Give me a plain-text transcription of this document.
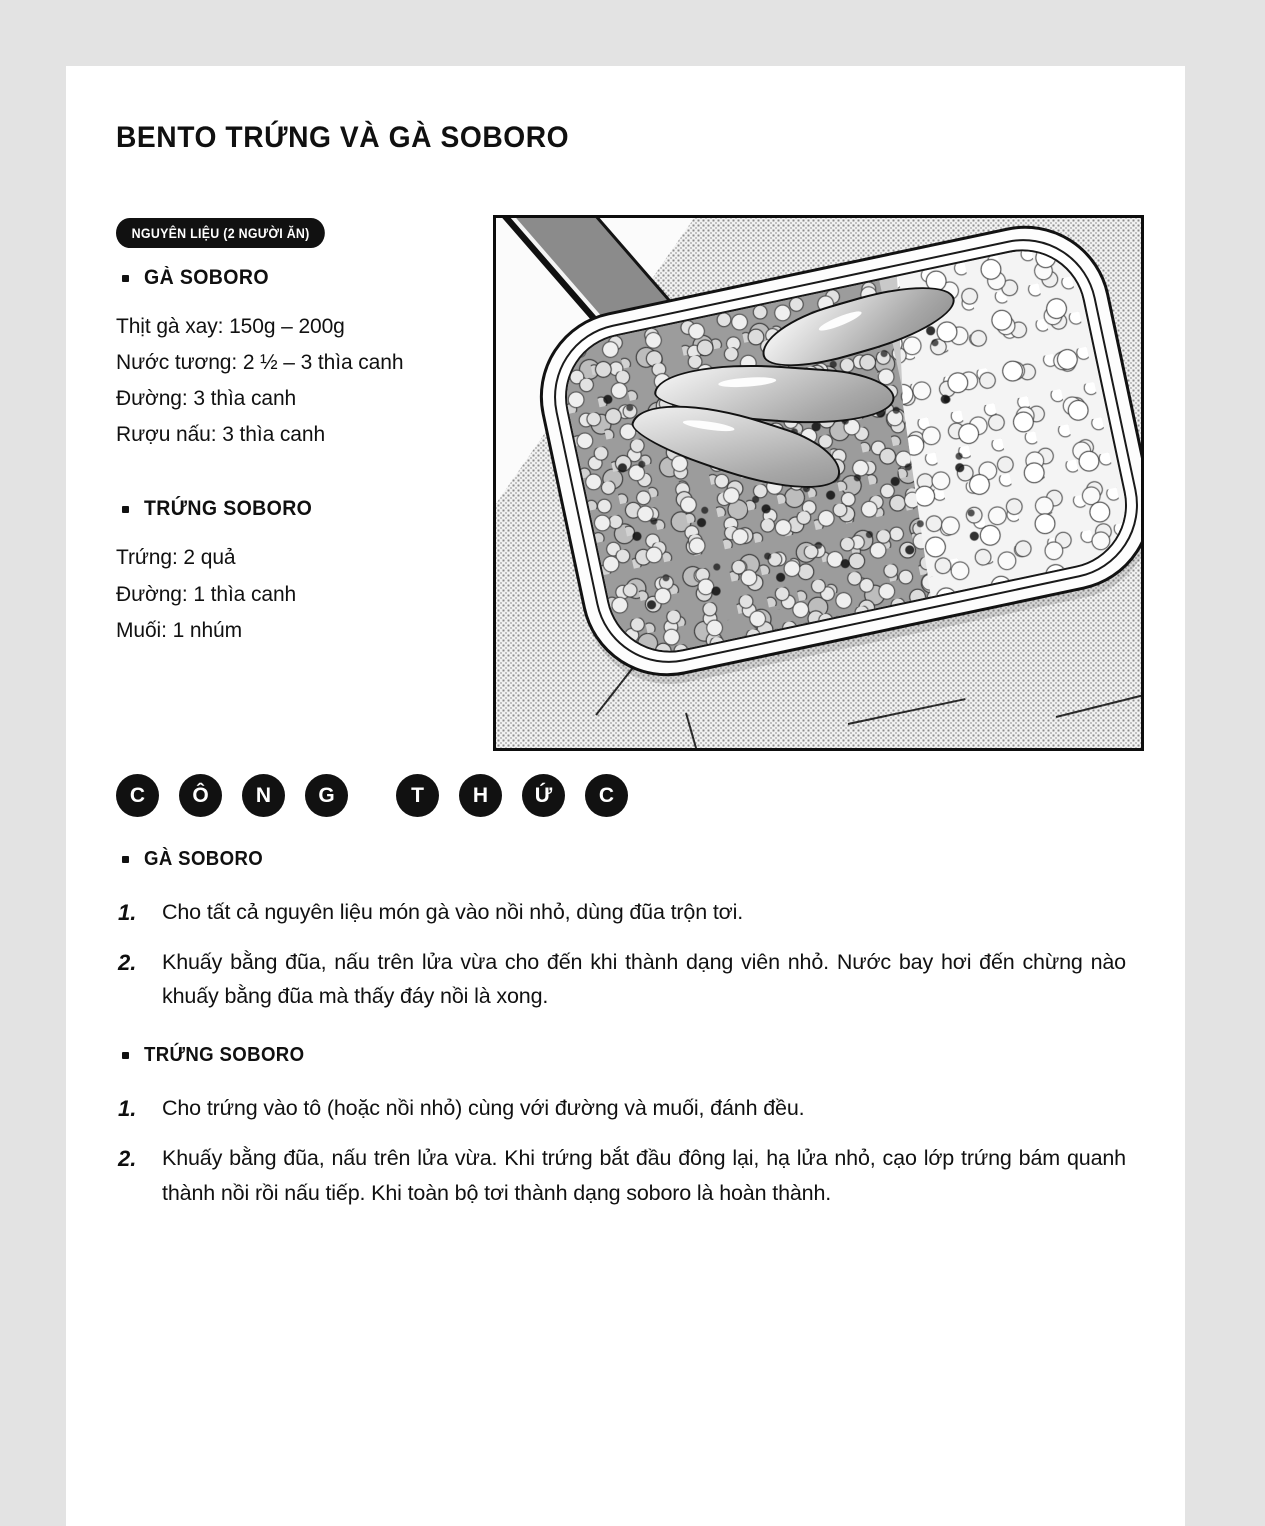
BENTO TRỨNG VÀ GÀ SOBORO
NGUYÊN LIỆU (2 NGƯỜI ĂN)
GÀ SOBORO
Thịt gà xay: 150g – 200g
Nước tương: 2 ½ – 3 thìa canh
Đường: 3 thìa canh
Rượu nấu: 3 thìa canh
TRỨNG SOBORO
Trứng: 2 quả
Đường: 1 thìa canh
Muối: 1 nhúm
C	Ô	N	G	T	H	Ứ	C
GÀ SOBORO
1.	Cho tất cả nguyên liệu món gà vào nồi nhỏ, dùng đũa trộn tơi.
2.	Khuấy bằng đũa, nấu trên lửa vừa cho đến khi thành dạng viên nhỏ. Nước bay hơi đến chừng nào khuấy bằng đũa mà thấy đáy nồi là xong.
TRỨNG SOBORO
1.	Cho trứng vào tô (hoặc nồi nhỏ) cùng với đường và muối, đánh đều.
2.	Khuấy bằng đũa, nấu trên lửa vừa. Khi trứng bắt đầu đông lại, hạ lửa nhỏ, cạo lớp trứng bám quanh thành nồi rồi nấu tiếp. Khi toàn bộ tơi thành dạng soboro là hoàn thành.
